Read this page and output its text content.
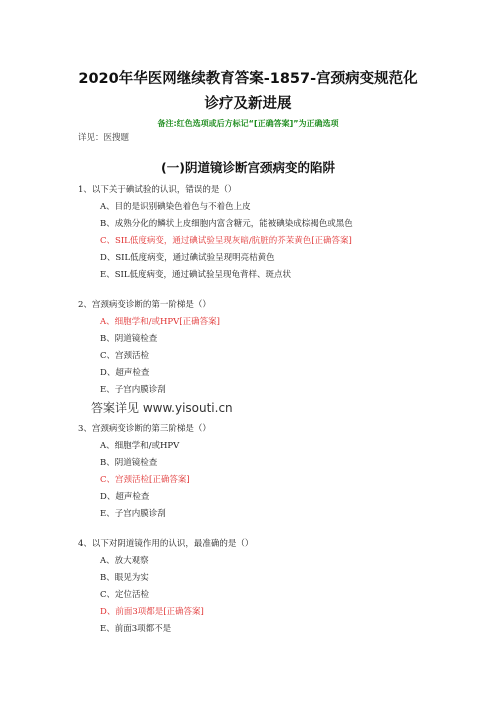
2020年华医网继续教育答案-1857-宫颈病变规范化
诊疗及新进展
备注:红色选项或后方标记“[正确答案]”为正确选项
详见：医搜题
(一)阴道镜诊断宫颈病变的陷阱
1、以下关于碘试验的认识，错误的是（）
A、目的是识别碘染色着色与不着色上皮
B、成熟分化的鳞状上皮细胞内富含糖元，能被碘染成棕褐色或黑色
C、SIL低度病变，通过碘试验呈现灰暗/肮脏的芥茉黄色[正确答案]
D、SIL低度病变，通过碘试验呈现明亮桔黄色
E、SIL低度病变，通过碘试验呈现龟背样、斑点状
2、宫颈病变诊断的第一阶梯是（）
A、细胞学和/或HPV[正确答案]
B、阴道镜检查
C、宫颈活检
D、超声检查
E、子宫内膜诊刮
答案详见 www.yisouti.cn
3、宫颈病变诊断的第三阶梯是（）
A、细胞学和/或HPV
B、阴道镜检查
C、宫颈活检[正确答案]
D、超声检查
E、子宫内膜诊刮
4、以下对阴道镜作用的认识，最准确的是（）
A、放大观察
B、眼见为实
C、定位活检
D、前面3项都是[正确答案]
E、前面3项都不是
